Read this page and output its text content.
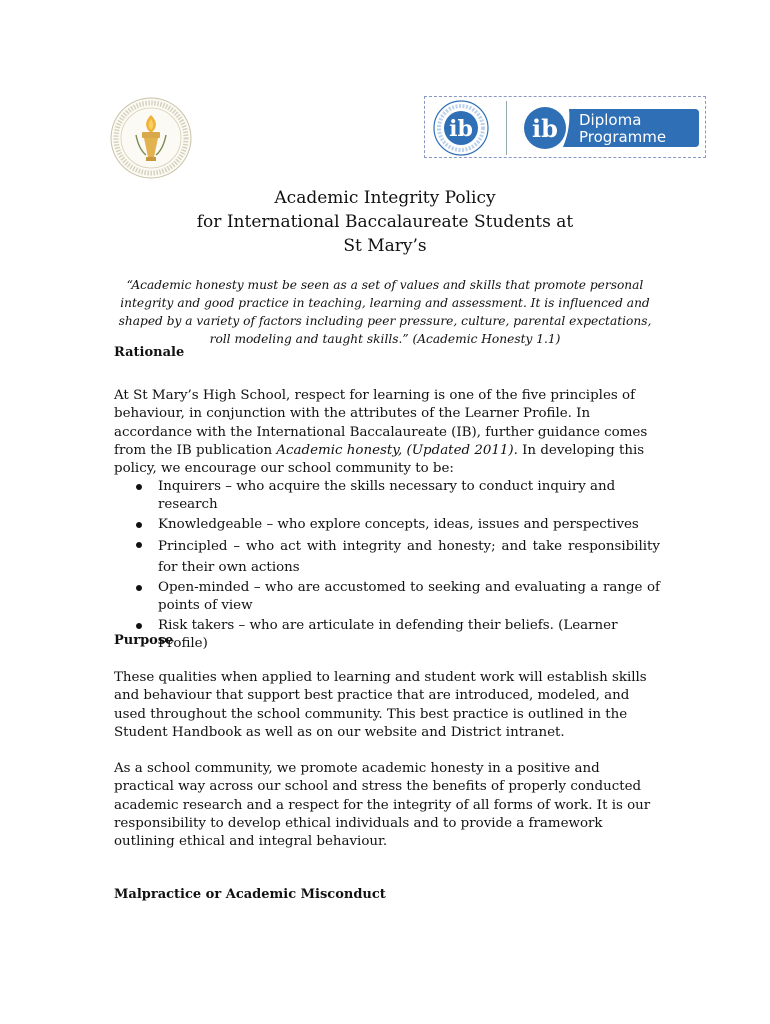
ib ib Diploma
Programme

Academic Integrity Policy

for International Baccalaureate Students at

St Mary’s

“Academic honesty must be seen as a set of values and skills that promote personal integrity and good practice in teaching, learning and assessment. It is influenced and shaped by a variety of factors including peer pressure, culture, parental expectations, roll modeling and taught skills.” (Academic Honesty 1.1)
Rationale
At St Mary’s High School, respect for learning is one of the five principles of behaviour, in conjunction with the attributes of the Learner Profile. In accordance with the International Baccalaureate (IB), further guidance comes from the IB publication Academic honesty, (Updated 2011). In developing this policy, we encourage our school community to be:
Inquirers – who acquire the skills necessary to conduct inquiry and research
Knowledgeable – who explore concepts, ideas, issues and perspectives
Principled – who act with integrity and honesty; and take responsibility for their own actions
Open-minded – who are accustomed to seeking and evaluating a range of points of view
Risk takers – who are articulate in defending their beliefs. (Learner Profile)
Purpose
These qualities when applied to learning and student work will establish skills and behaviour that support best practice that are introduced, modeled, and used throughout the school community. This best practice is outlined in the Student Handbook as well as on our website and District intranet.
As a school community, we promote academic honesty in a positive and practical way across our school and stress the benefits of properly conducted academic research and a respect for the integrity of all forms of work. It is our responsibility to develop ethical individuals and to provide a framework outlining ethical and integral behaviour.
Malpractice or Academic Misconduct
